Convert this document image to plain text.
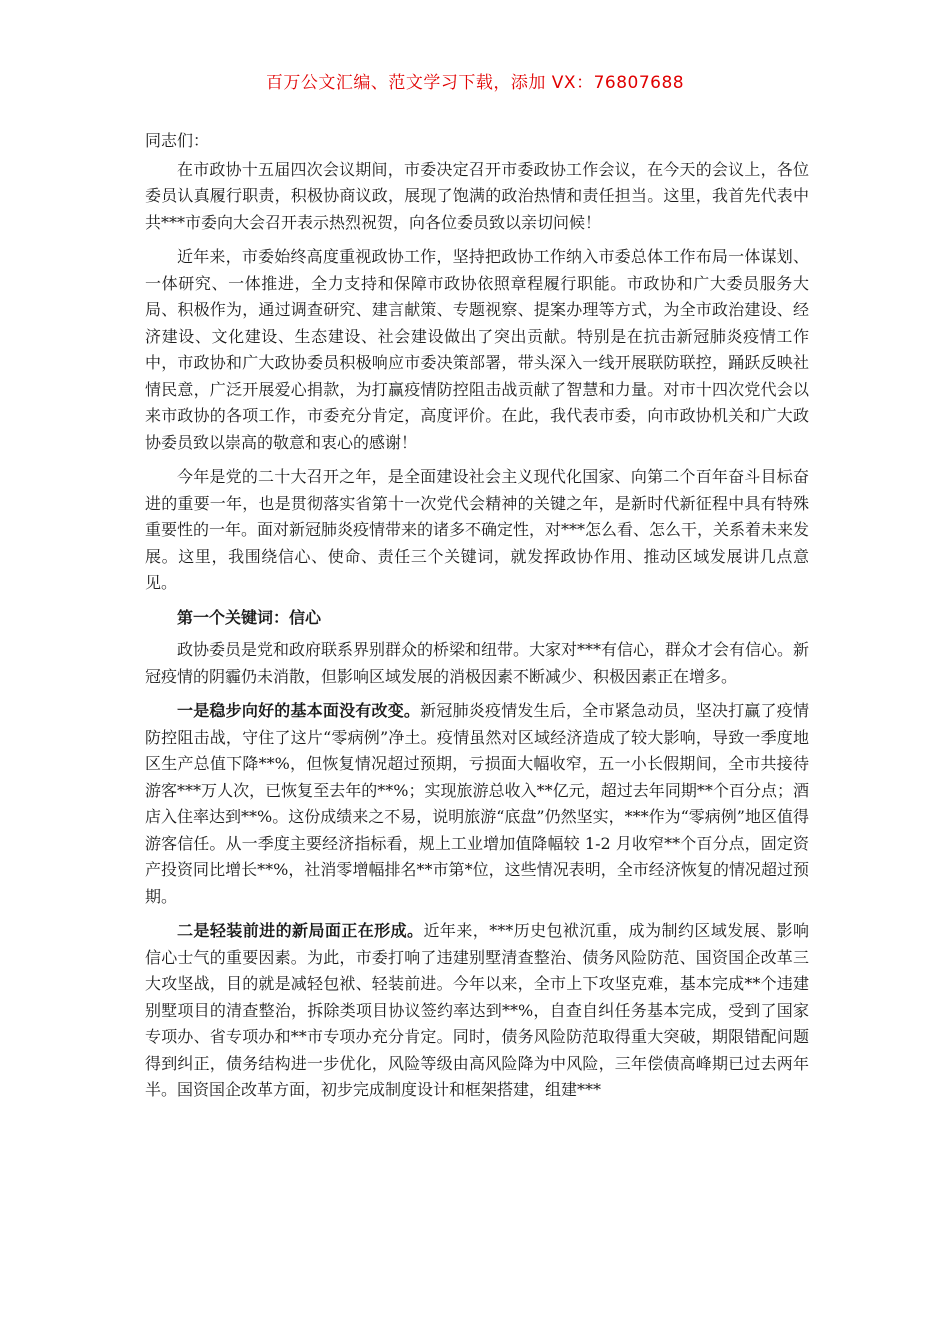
百万公文汇编、范文学习下载，添加 VX：76807688

同志们：

在市政协十五届四次会议期间，市委决定召开市委政协工作会议，在今天的会议上，各位委员认真履行职责，积极协商议政，展现了饱满的政治热情和责任担当。这里，我首先代表中共***市委向大会召开表示热烈祝贺，向各位委员致以亲切问候！

近年来，市委始终高度重视政协工作，坚持把政协工作纳入市委总体工作布局一体谋划、一体研究、一体推进，全力支持和保障市政协依照章程履行职能。市政协和广大委员服务大局、积极作为，通过调查研究、建言献策、专题视察、提案办理等方式，为全市政治建设、经济建设、文化建设、生态建设、社会建设做出了突出贡献。特别是在抗击新冠肺炎疫情工作中，市政协和广大政协委员积极响应市委决策部署，带头深入一线开展联防联控，踊跃反映社情民意，广泛开展爱心捐款，为打赢疫情防控阻击战贡献了智慧和力量。对市十四次党代会以来市政协的各项工作，市委充分肯定，高度评价。在此，我代表市委，向市政协机关和广大政协委员致以崇高的敬意和衷心的感谢！

今年是党的二十大召开之年，是全面建设社会主义现代化国家、向第二个百年奋斗目标奋进的重要一年，也是贯彻落实省第十一次党代会精神的关键之年，是新时代新征程中具有特殊重要性的一年。面对新冠肺炎疫情带来的诸多不确定性，对***怎么看、怎么干，关系着未来发展。这里，我围绕信心、使命、责任三个关键词，就发挥政协作用、推动区域发展讲几点意见。

第一个关键词：信心

政协委员是党和政府联系界别群众的桥梁和纽带。大家对***有信心，群众才会有信心。新冠疫情的阴霾仍未消散，但影响区域发展的消极因素不断减少、积极因素正在增多。

一是稳步向好的基本面没有改变。新冠肺炎疫情发生后，全市紧急动员，坚决打赢了疫情防控阻击战，守住了这片“零病例”净土。疫情虽然对区域经济造成了较大影响，导致一季度地区生产总值下降**%，但恢复情况超过预期，亏损面大幅收窄，五一小长假期间，全市共接待游客***万人次，已恢复至去年的**%；实现旅游总收入**亿元，超过去年同期**个百分点；酒店入住率达到**%。这份成绩来之不易，说明旅游“底盘”仍然坚实，***作为“零病例”地区值得游客信任。从一季度主要经济指标看，规上工业增加值降幅较 1-2 月收窄**个百分点，固定资产投资同比增长**%，社消零增幅排名**市第*位，这些情况表明，全市经济恢复的情况超过预期。

二是轻装前进的新局面正在形成。近年来，***历史包袱沉重，成为制约区域发展、影响信心士气的重要因素。为此，市委打响了违建别墅清查整治、债务风险防范、国资国企改革三大攻坚战，目的就是减轻包袱、轻装前进。今年以来，全市上下攻坚克难，基本完成**个违建别墅项目的清查整治，拆除类项目协议签约率达到**%，自查自纠任务基本完成，受到了国家专项办、省专项办和**市专项办充分肯定。同时，债务风险防范取得重大突破，期限错配问题得到纠正，债务结构进一步优化，风险等级由高风险降为中风险，三年偿债高峰期已过去两年半。国资国企改革方面，初步完成制度设计和框架搭建，组建***
